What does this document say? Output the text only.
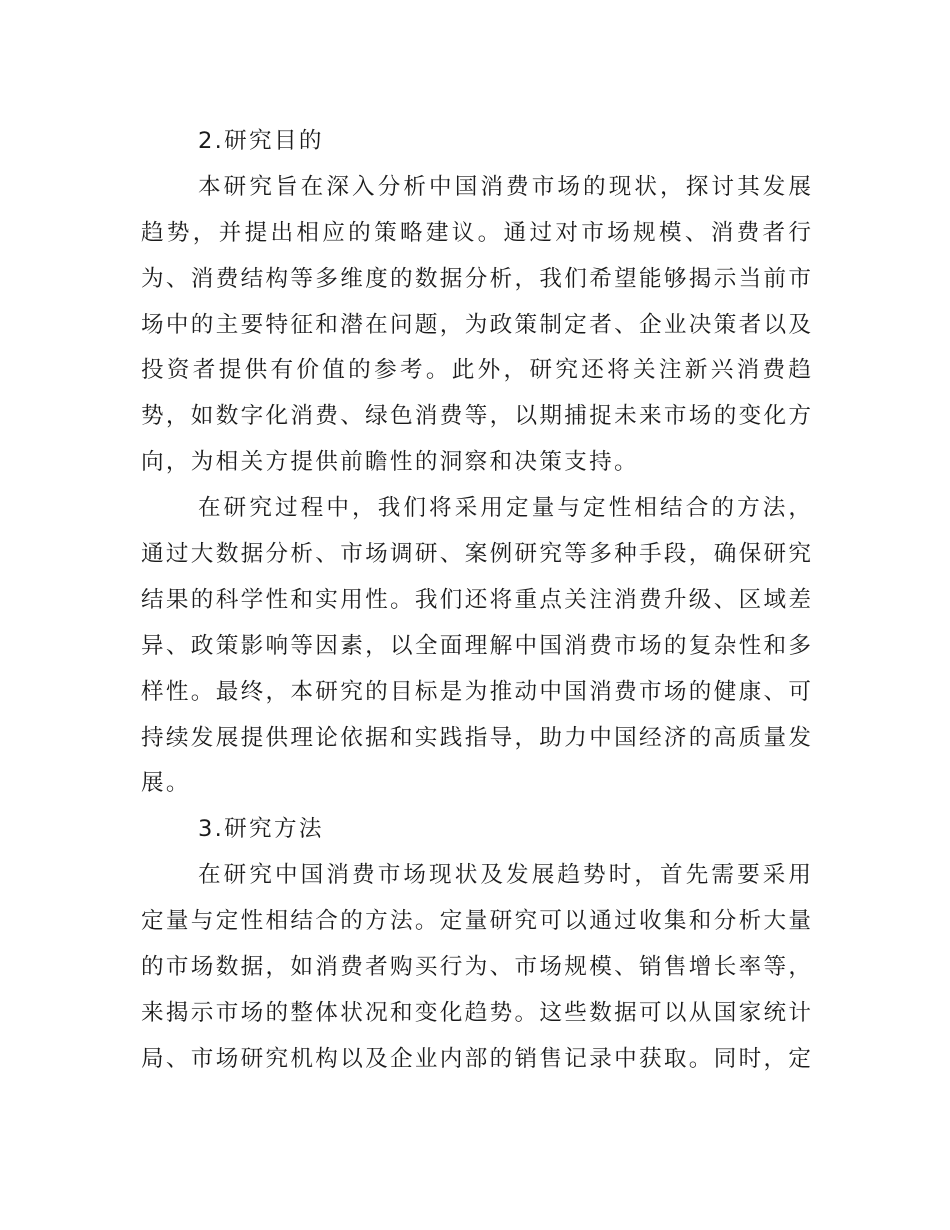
2.研究目的
本研究旨在深入分析中国消费市场的现状，探讨其发展
趋势，并提出相应的策略建议。通过对市场规模、消费者行
为、消费结构等多维度的数据分析，我们希望能够揭示当前市
场中的主要特征和潜在问题，为政策制定者、企业决策者以及
投资者提供有价值的参考。此外，研究还将关注新兴消费趋
势，如数字化消费、绿色消费等，以期捕捉未来市场的变化方
向，为相关方提供前瞻性的洞察和决策支持。
在研究过程中，我们将采用定量与定性相结合的方法，
通过大数据分析、市场调研、案例研究等多种手段，确保研究
结果的科学性和实用性。我们还将重点关注消费升级、区域差
异、政策影响等因素，以全面理解中国消费市场的复杂性和多
样性。最终，本研究的目标是为推动中国消费市场的健康、可
持续发展提供理论依据和实践指导，助力中国经济的高质量发
展。
3.研究方法
在研究中国消费市场现状及发展趋势时，首先需要采用
定量与定性相结合的方法。定量研究可以通过收集和分析大量
的市场数据，如消费者购买行为、市场规模、销售增长率等，
来揭示市场的整体状况和变化趋势。这些数据可以从国家统计
局、市场研究机构以及企业内部的销售记录中获取。同时，定
